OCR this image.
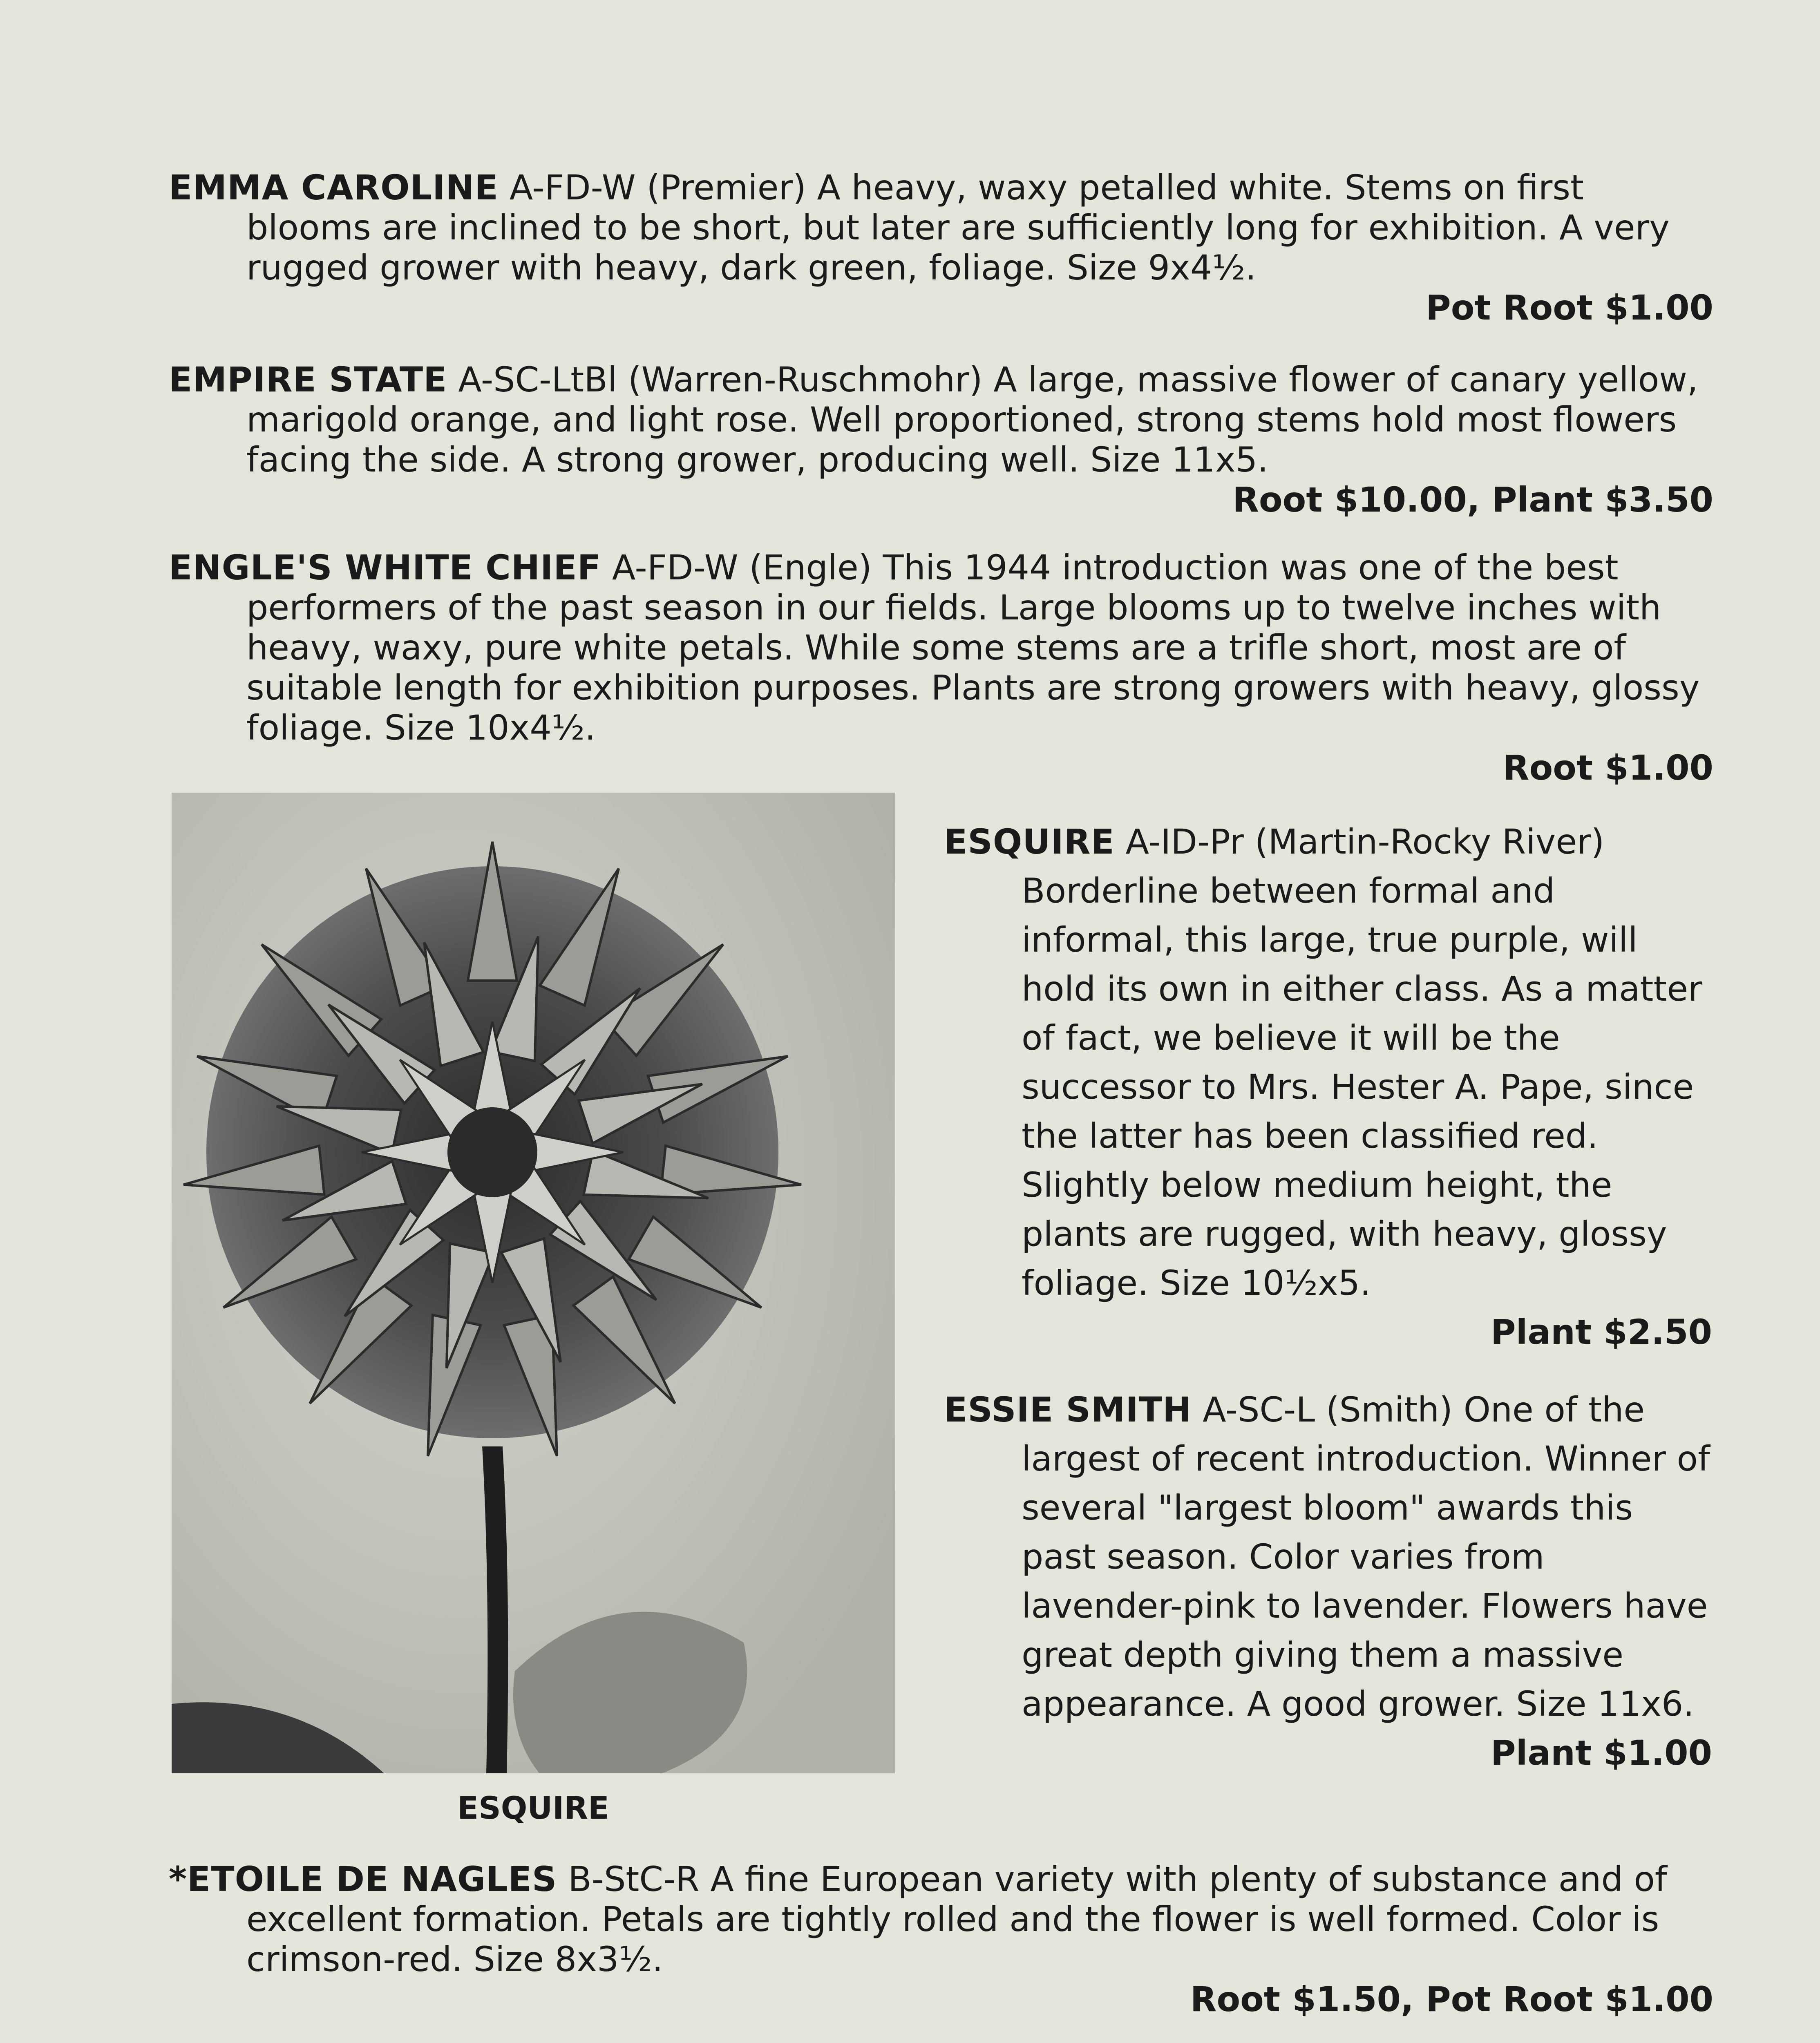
EMMA CAROLINE A-FD-W (Premier) A heavy, waxy petalled white. Stems on first blooms are inclined to be short, but later are sufficiently long for exhibition. A very rugged grower with heavy, dark green, foliage. Size 9x4½.
Pot Root $1.00
EMPIRE STATE A-SC-LtBl (Warren-Ruschmohr) A large, massive flower of canary yellow, marigold orange, and light rose. Well proportioned, strong stems hold most flowers facing the side. A strong grower, producing well. Size 11x5.
Root $10.00, Plant $3.50
ENGLE'S WHITE CHIEF A-FD-W (Engle) This 1944 introduction was one of the best performers of the past season in our fields. Large blooms up to twelve inches with heavy, waxy, pure white petals. While some stems are a trifle short, most are of suitable length for exhibition purposes. Plants are strong growers with heavy, glossy foliage. Size 10x4½.
Root $1.00
ESQUIRE
ESQUIRE A-ID-Pr (Martin-Rocky River) Borderline between formal and informal, this large, true purple, will hold its own in either class. As a matter of fact, we believe it will be the successor to Mrs. Hester A. Pape, since the latter has been classified red. Slightly below medium height, the plants are rugged, with heavy, glossy foliage. Size 10½x5.
Plant $2.50
ESSIE SMITH A-SC-L (Smith) One of the largest of recent introduction. Winner of several "largest bloom" awards this past season. Color varies from lavender-pink to lavender. Flowers have great depth giving them a massive appearance. A good grower. Size 11x6.
Plant $1.00
*ETOILE DE NAGLES B-StC-R A fine European variety with plenty of substance and of excellent formation. Petals are tightly rolled and the flower is well formed. Color is crimson-red. Size 8x3½.
Root $1.50, Pot Root $1.00
